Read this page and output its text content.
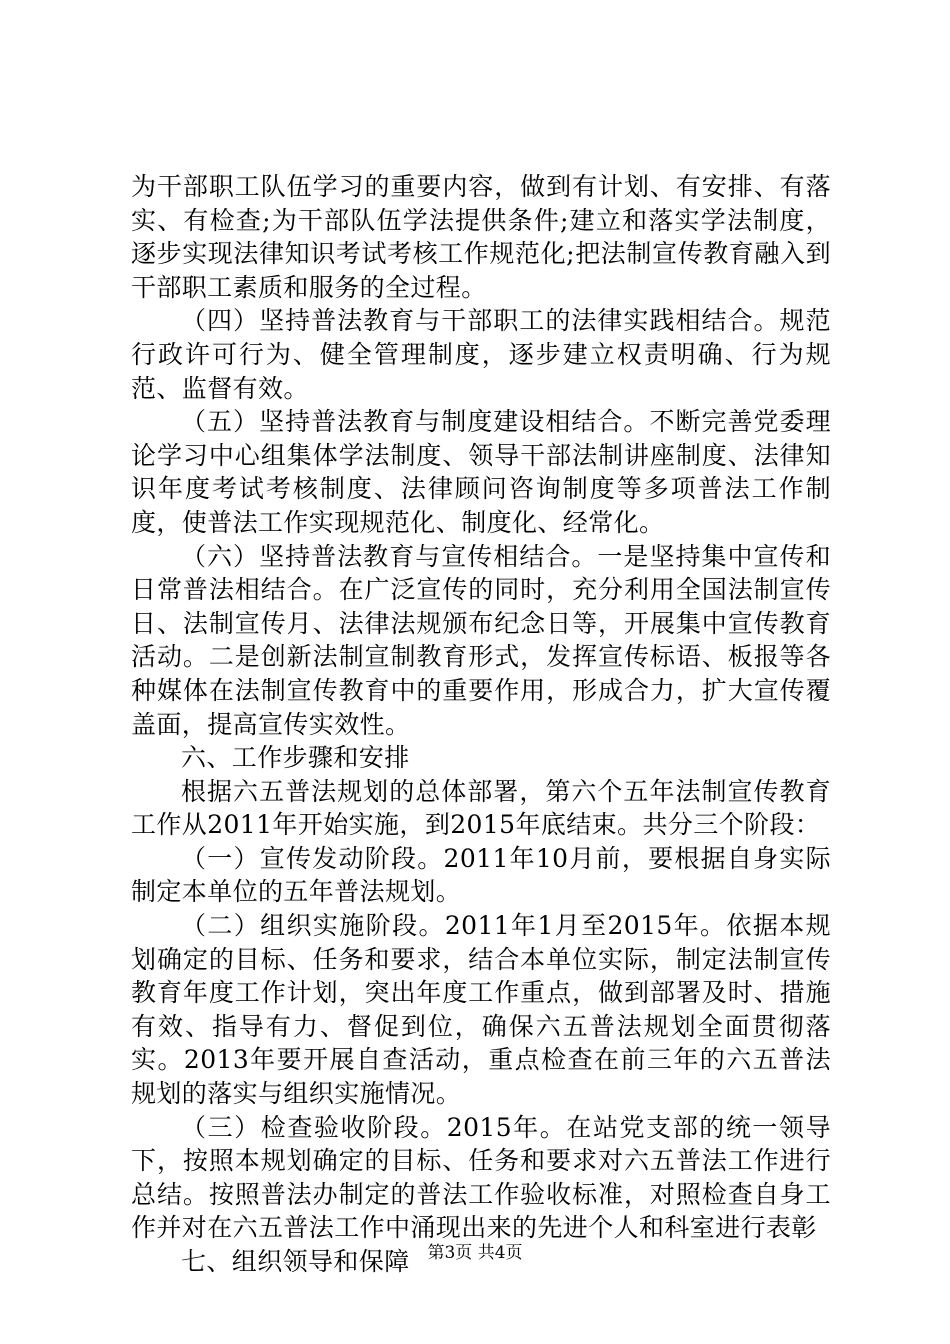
为干部职工队伍学习的重要内容，做到有计划、有安排、有落实、有检查;为干部队伍学法提供条件;建立和落实学法制度，逐步实现法律知识考试考核工作规范化;把法制宣传教育融入到干部职工素质和服务的全过程。

（四）坚持普法教育与干部职工的法律实践相结合。规范行政许可行为、健全管理制度，逐步建立权责明确、行为规范、监督有效。

（五）坚持普法教育与制度建设相结合。不断完善党委理论学习中心组集体学法制度、领导干部法制讲座制度、法律知识年度考试考核制度、法律顾问咨询制度等多项普法工作制度，使普法工作实现规范化、制度化、经常化。

（六）坚持普法教育与宣传相结合。一是坚持集中宣传和日常普法相结合。在广泛宣传的同时，充分利用全国法制宣传日、法制宣传月、法律法规颁布纪念日等，开展集中宣传教育活动。二是创新法制宣制教育形式，发挥宣传标语、板报等各种媒体在法制宣传教育中的重要作用，形成合力，扩大宣传覆盖面，提高宣传实效性。

六、工作步骤和安排

根据六五普法规划的总体部署，第六个五年法制宣传教育工作从2011年开始实施，到2015年底结束。共分三个阶段：

（一）宣传发动阶段。2011年10月前，要根据自身实际制定本单位的五年普法规划。

（二）组织实施阶段。2011年1月至2015年。依据本规划确定的目标、任务和要求，结合本单位实际，制定法制宣传教育年度工作计划，突出年度工作重点，做到部署及时、措施有效、指导有力、督促到位，确保六五普法规划全面贯彻落实。2013年要开展自查活动，重点检查在前三年的六五普法规划的落实与组织实施情况。

（三）检查验收阶段。2015年。在站党支部的统一领导下，按照本规划确定的目标、任务和要求对六五普法工作进行总结。按照普法办制定的普法工作验收标准，对照检查自身工作并对在六五普法工作中涌现出来的先进个人和科室进行表彰

七、组织领导和保障	第3页 共4页
